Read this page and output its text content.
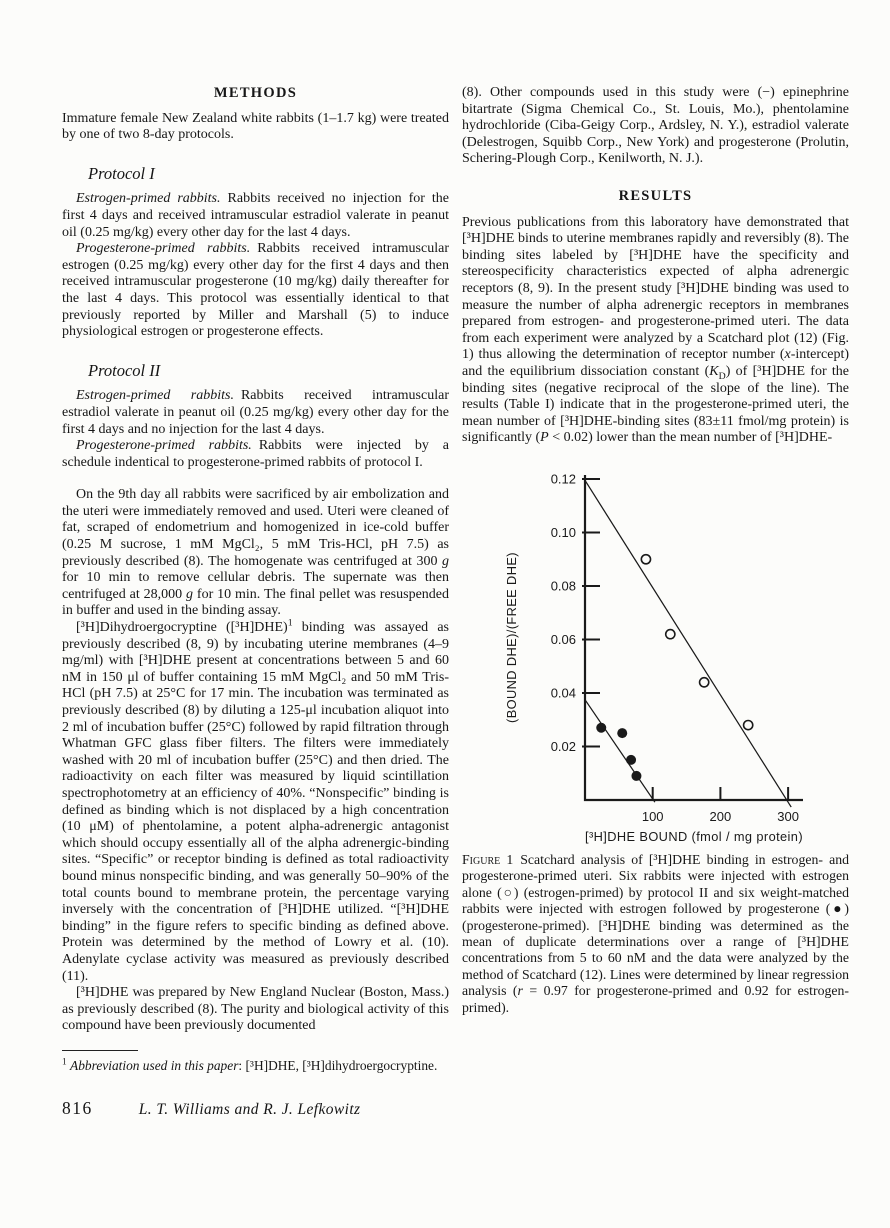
METHODS

Immature female New Zealand white rabbits (1–1.7 kg) were treated by one of two 8-day protocols.

Protocol I

Estrogen-primed rabbits. Rabbits received no injection for the first 4 days and received intramuscular estradiol valerate in peanut oil (0.25 mg/kg) every other day for the last 4 days.

Progesterone-primed rabbits. Rabbits received intramuscular estrogen (0.25 mg/kg) every other day for the first 4 days and then received intramuscular progesterone (10 mg/kg) daily thereafter for the last 4 days. This protocol was essentially identical to that previously reported by Miller and Marshall (5) to induce physiological estrogen or progesterone effects.

Protocol II

Estrogen-primed rabbits. Rabbits received intramuscular estradiol valerate in peanut oil (0.25 mg/kg) every other day for the first 4 days and no injection for the last 4 days.

Progesterone-primed rabbits. Rabbits were injected by a schedule indentical to progesterone-primed rabbits of protocol I.

On the 9th day all rabbits were sacrificed by air embolization and the uteri were immediately removed and used. Uteri were cleaned of fat, scraped of endometrium and homogenized in ice-cold buffer (0.25 M sucrose, 1 mM MgCl₂, 5 mM Tris-HCl, pH 7.5) as previously described (8). The homogenate was centrifuged at 300 g for 10 min to remove cellular debris. The supernate was then centrifuged at 28,000 g for 10 min. The final pellet was resuspended in buffer and used in the binding assay.

[³H]Dihydroergocryptine $([^3H]DHE)^1$ binding was assayed as previously described (8, 9) by incubating uterine membranes (4–9 mg/ml) with [³H]DHE present at concentrations between 5 and 60 nM in 150 μl of buffer containing 15 mM MgCl₂ and 50 mM Tris-HCl (pH 7.5) at 25°C for 17 min. The incubation was terminated as previously described (8) by diluting a 125-μl incubation aliquot into 2 ml of incubation buffer (25°C) followed by rapid filtration through Whatman GFC glass fiber filters. The filters were immediately washed with 20 ml of incubation buffer (25°C) and then dried. The radioactivity on each filter was measured by liquid scintillation spectrophotometry at an efficiency of 40%. “Nonspecific” binding is defined as binding which is not displaced by a high concentration (10 μM) of phentolamine, a potent alpha-adrenergic antagonist which should occupy essentially all of the alpha adrenergic-binding sites. “Specific” or receptor binding is defined as total radioactivity bound minus nonspecific binding, and was generally 50–90% of the total counts bound to membrane protein, the percentage varying inversely with the concentration of [³H]DHE utilized. “[³H]DHE binding” in the figure refers to specific binding as defined above. Protein was determined by the method of Lowry et al. (10). Adenylate cyclase activity was measured as previously described (11).

[³H]DHE was prepared by New England Nuclear (Boston, Mass.) as previously described (8). The purity and biological activity of this compound have been previously documented

$^1$ Abbreviation used in this paper: [³H]DHE, [³H]dihydroergocryptine.

816	L. T. Williams and R. J. Lefkowitz

(8). Other compounds used in this study were (−) epinephrine bitartrate (Sigma Chemical Co., St. Louis, Mo.), phentolamine hydrochloride (Ciba-Geigy Corp., Ardsley, N. Y.), estradiol valerate (Delestrogen, Squibb Corp., New York) and progesterone (Prolutin, Schering-Plough Corp., Kenilworth, N. J.).

RESULTS

Previous publications from this laboratory have demonstrated that [³H]DHE binds to uterine membranes rapidly and reversibly (8). The binding sites labeled by [³H]DHE have the specificity and stereospecificity characteristics expected of alpha adrenergic receptors (8, 9). In the present study [³H]DHE binding was used to measure the number of alpha adrenergic receptors in membranes prepared from estrogen- and progesterone-primed uteri. The data from each experiment were analyzed by a Scatchard plot (12) (Fig. 1) thus allowing the determination of receptor number (x-intercept) and the equilibrium dissociation constant $(K_D)$ of [³H]DHE for the binding sites (negative reciprocal of the slope of the line). The results (Table I) indicate that in the progesterone-primed uteri, the mean number of [³H]DHE-binding sites (83±11 fmol/mg protein) is significantly (P < 0.02) lower than the mean number of [³H]DHE-

0.02
0.04
0.06
0.08
0.10
0.12
100	200	300
[³H]DHE BOUND (fmol / mg protein)
(BOUND DHE)/(FREE DHE)

Figure 1 Scatchard analysis of [³H]DHE binding in estrogen- and progesterone-primed uteri. Six rabbits were injected with estrogen alone (○) (estrogen-primed) by protocol II and six weight-matched rabbits were injected with estrogen followed by progesterone (●) (progesterone-primed). [³H]DHE binding was determined as the mean of duplicate determinations over a range of [³H]DHE concentrations from 5 to 60 nM and the data were analyzed by the method of Scatchard (12). Lines were determined by linear regression analysis (r = 0.97 for progesterone-primed and 0.92 for estrogen-primed).
